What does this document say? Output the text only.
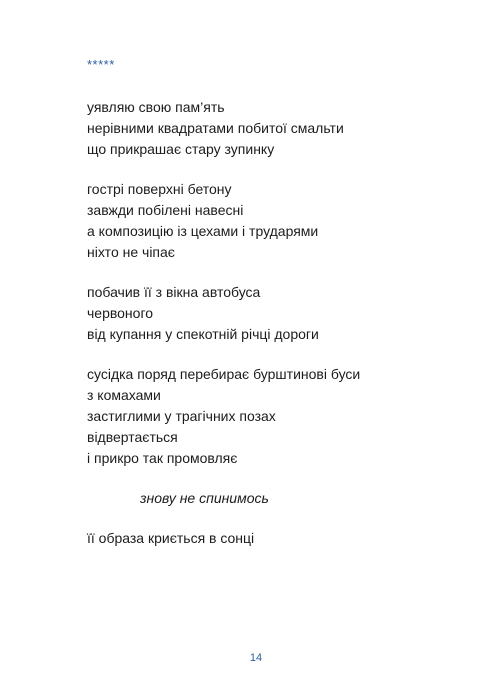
*****
уявляю свою пам’ять
нерівними квадратами побитої смальти
що прикрашає стару зупинку
гострі поверхні бетону
завжди побілені навесні
а композицію із цехами і трударями
ніхто не чіпає
побачив її з вікна автобуса
червоного
від купання у спекотній річці дороги
сусідка поряд перебирає бурштинові буси
з комахами
застиглими у трагічних позах
відвертається
і прикро так промовляє
знову не спинимось
її образа криється в сонці
14
